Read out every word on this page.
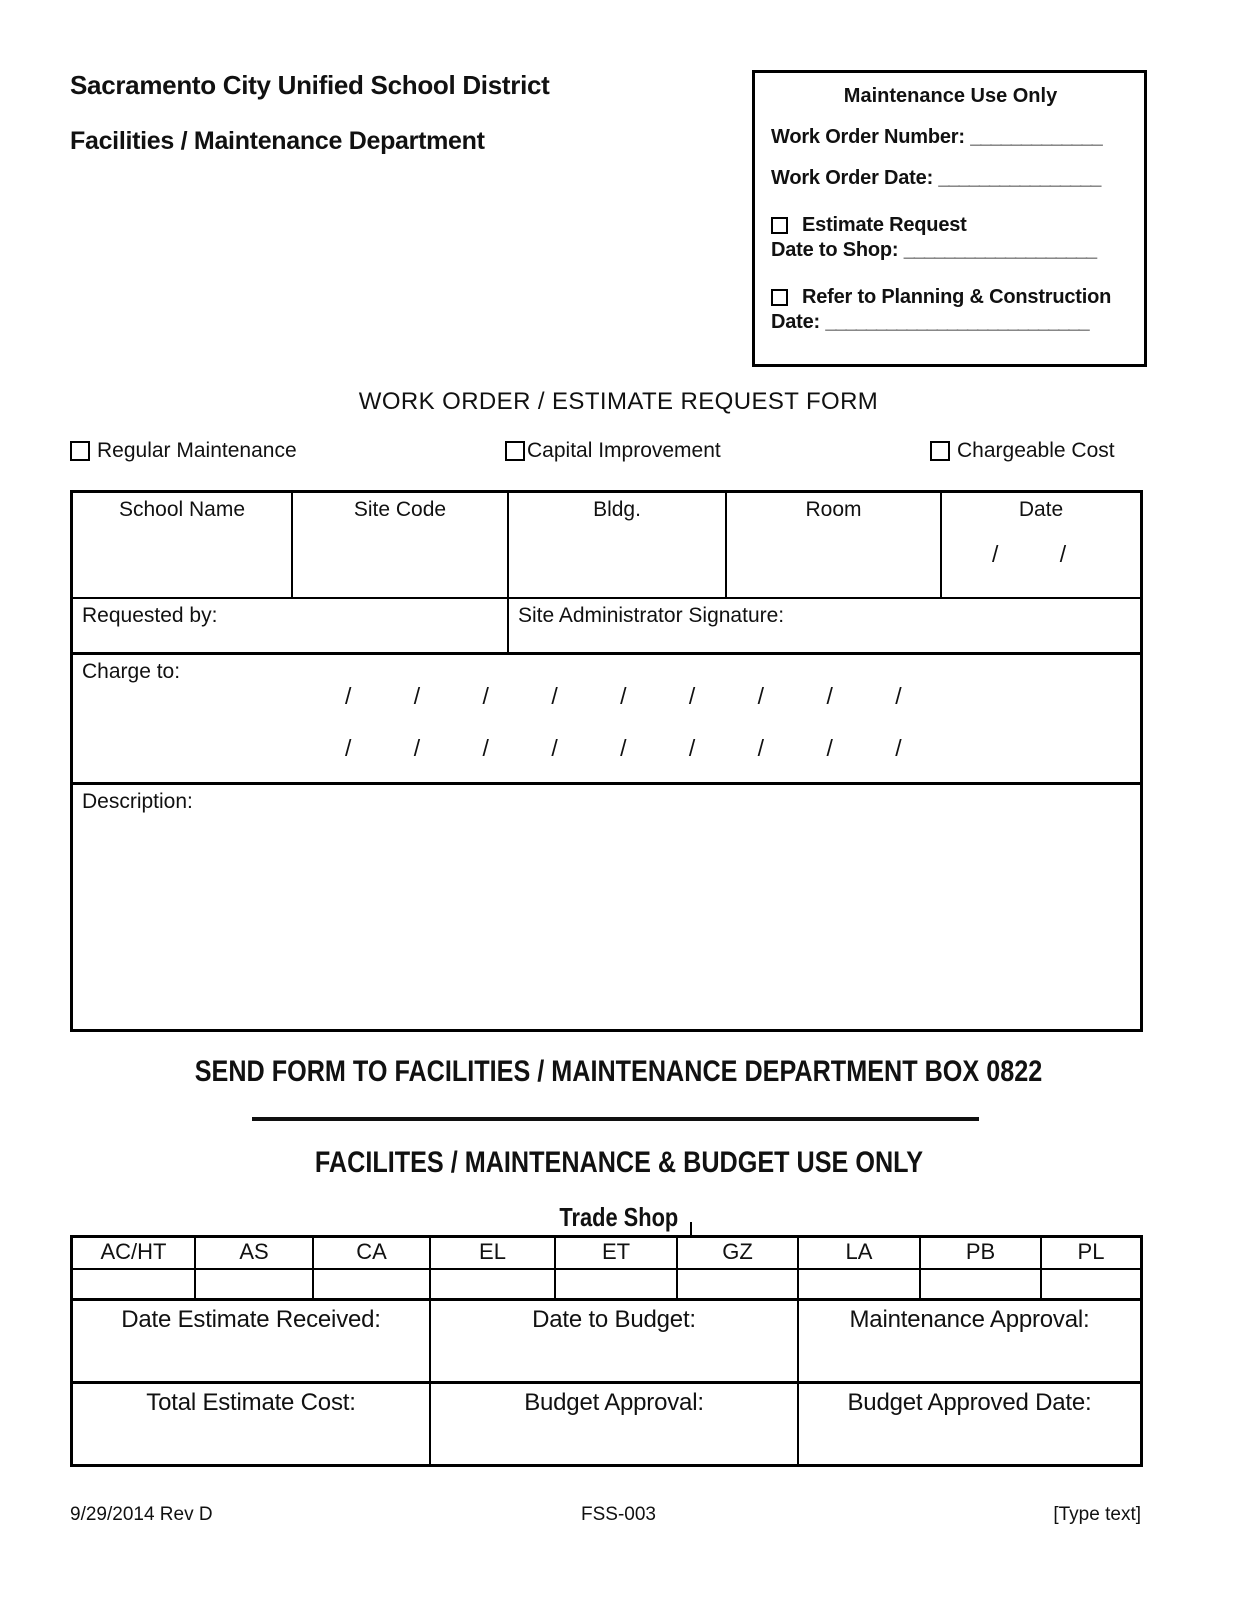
Sacramento City Unified School District
Facilities / Maintenance Department
Maintenance Use Only
Work Order Number: _____________
Work Order Date: ________________
Estimate Request
Date to Shop: ___________________
Refer to Planning & Construction
Date: __________________________
WORK ORDER / ESTIMATE REQUEST FORM
Regular Maintenance	Capital Improvement	Chargeable Cost
School Name	Site Code	Bldg.	Room	Date
/ /
Requested by:	Site Administrator Signature:
Charge to:
/ / / / / / / / /
/ / / / / / / / /
Description:
SEND FORM TO FACILITIES / MAINTENANCE DEPARTMENT BOX 0822
FACILITES / MAINTENANCE & BUDGET USE ONLY
Trade Shop
AC/HT	AS	CA	EL	ET	GZ	LA	PB	PL
Date Estimate Received:	Date to Budget:	Maintenance Approval:
Total Estimate Cost:	Budget Approval:	Budget Approved Date:
9/29/2014 Rev D	FSS-003	[Type text]
